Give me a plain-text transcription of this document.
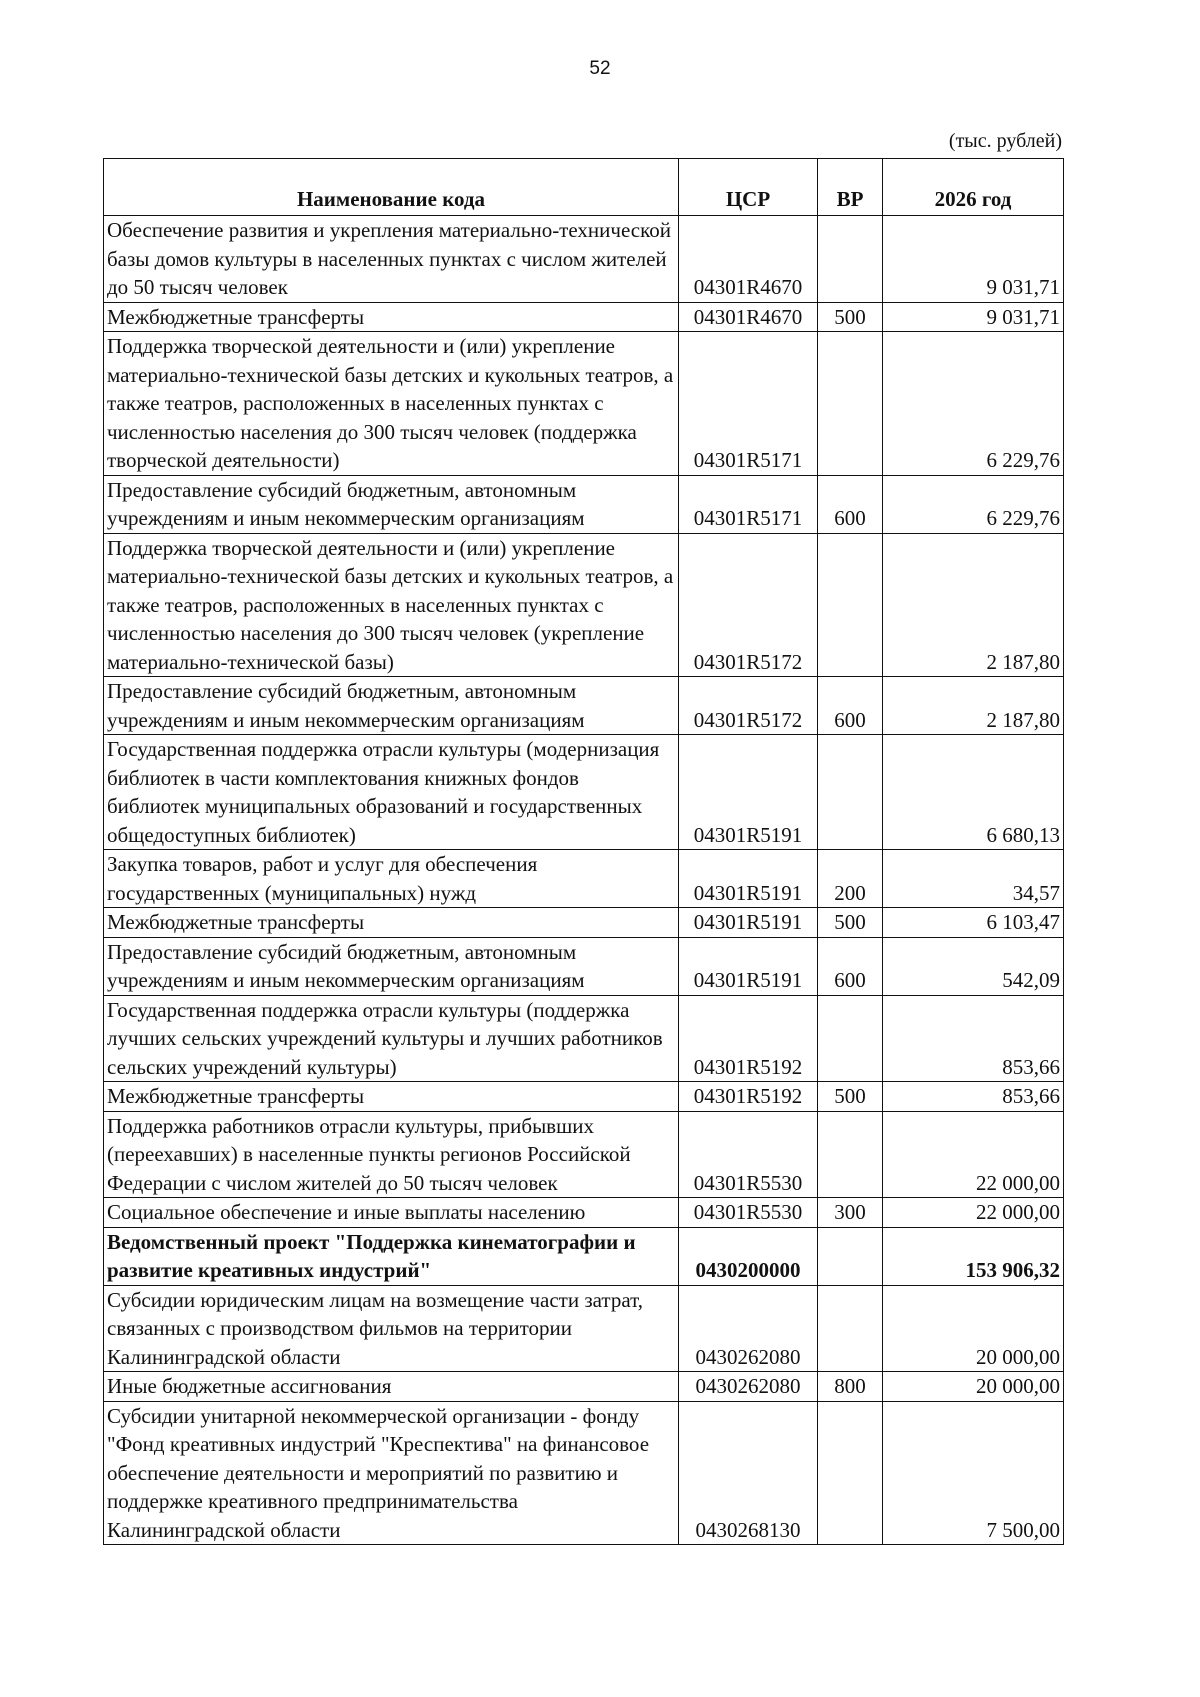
52
(тыс. рублей)
Наименование кода	ЦСР	ВР	2026 год
Обеспечение развития и укрепления материально-технической базы домов культуры в населенных пунктах с числом жителей до 50 тысяч человек	04301R4670		9 031,71
Межбюджетные трансферты	04301R4670	500	9 031,71
Поддержка творческой деятельности и (или) укрепление материально-технической базы детских и кукольных театров, а также театров, расположенных в населенных пунктах с численностью населения до 300 тысяч человек (поддержка творческой деятельности)	04301R5171		6 229,76
Предоставление субсидий бюджетным, автономным учреждениям и иным некоммерческим организациям	04301R5171	600	6 229,76
Поддержка творческой деятельности и (или) укрепление материально-технической базы детских и кукольных театров, а также театров, расположенных в населенных пунктах с численностью населения до 300 тысяч человек (укрепление материально-технической базы)	04301R5172		2 187,80
Предоставление субсидий бюджетным, автономным учреждениям и иным некоммерческим организациям	04301R5172	600	2 187,80
Государственная поддержка отрасли культуры (модернизация библиотек в части комплектования книжных фондов библиотек муниципальных образований и государственных общедоступных библиотек)	04301R5191		6 680,13
Закупка товаров, работ и услуг для обеспечения государственных (муниципальных) нужд	04301R5191	200	34,57
Межбюджетные трансферты	04301R5191	500	6 103,47
Предоставление субсидий бюджетным, автономным учреждениям и иным некоммерческим организациям	04301R5191	600	542,09
Государственная поддержка отрасли культуры (поддержка лучших сельских учреждений культуры и лучших работников сельских учреждений культуры)	04301R5192		853,66
Межбюджетные трансферты	04301R5192	500	853,66
Поддержка работников отрасли культуры, прибывших (переехавших) в населенные пункты регионов Российской Федерации с числом жителей до 50 тысяч человек	04301R5530		22 000,00
Социальное обеспечение и иные выплаты населению	04301R5530	300	22 000,00
Ведомственный проект "Поддержка кинематографии и развитие креативных индустрий"	0430200000		153 906,32
Субсидии юридическим лицам на возмещение части затрат, связанных с производством фильмов на территории Калининградской области	0430262080		20 000,00
Иные бюджетные ассигнования	0430262080	800	20 000,00
Субсидии унитарной некоммерческой организации - фонду "Фонд креативных индустрий "Креспектива" на финансовое обеспечение деятельности и мероприятий по развитию и поддержке креативного предпринимательства Калининградской области	0430268130		7 500,00
